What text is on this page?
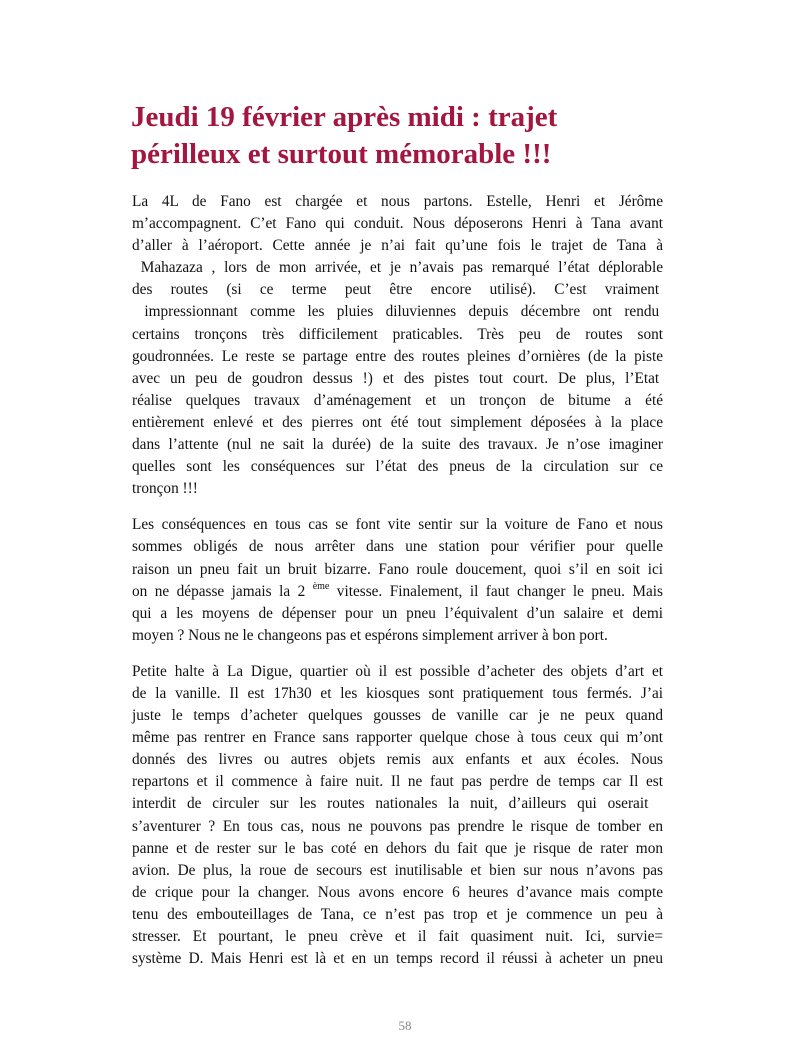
Jeudi 19 février après midi : trajet
périlleux et surtout mémorable !!!

La 4L de Fano est chargée et nous partons. Estelle, Henri et Jérôme
m’accompagnent. C’et Fano qui conduit. Nous déposerons Henri à Tana avant
d’aller à l’aéroport. Cette année je n’ai fait qu’une fois le trajet de Tana à
Mahazaza , lors de mon arrivée, et je n’avais pas remarqué l’état déplorable
des routes (si ce terme peut être encore utilisé). C’est vraiment
impressionnant comme les pluies diluviennes depuis décembre ont rendu
certains tronçons très difficilement praticables. Très peu de routes sont
goudronnées. Le reste se partage entre des routes pleines d’ornières (de la piste
avec un peu de goudron dessus !) et des pistes tout court. De plus, l’Etat
réalise quelques travaux d’aménagement et un tronçon de bitume a été
entièrement enlevé et des pierres ont été tout simplement déposées à la place
dans l’attente (nul ne sait la durée) de la suite des travaux. Je n’ose imaginer
quelles sont les conséquences sur l’état des pneus de la circulation sur ce
tronçon !!!

Les conséquences en tous cas se font vite sentir sur la voiture de Fano et nous
sommes obligés de nous arrêter dans une station pour vérifier pour quelle
raison un pneu fait un bruit bizarre. Fano roule doucement, quoi s’il en soit ici
on ne dépasse jamais la 2 $^{ème}$ vitesse. Finalement, il faut changer le pneu. Mais
qui a les moyens de dépenser pour un pneu l’équivalent d’un salaire et demi
moyen ? Nous ne le changeons pas et espérons simplement arriver à bon port.

Petite halte à La Digue, quartier où il est possible d’acheter des objets d’art et
de la vanille. Il est 17h30 et les kiosques sont pratiquement tous fermés. J’ai
juste le temps d’acheter quelques gousses de vanille car je ne peux quand
même pas rentrer en France sans rapporter quelque chose à tous ceux qui m’ont
donnés des livres ou autres objets remis aux enfants et aux écoles. Nous
repartons et il commence à faire nuit. Il ne faut pas perdre de temps car Il est
interdit de circuler sur les routes nationales la nuit, d’ailleurs qui oserait
s’aventurer ? En tous cas, nous ne pouvons pas prendre le risque de tomber en
panne et de rester sur le bas coté en dehors du fait que je risque de rater mon
avion. De plus, la roue de secours est inutilisable et bien sur nous n’avons pas
de crique pour la changer. Nous avons encore 6 heures d’avance mais compte
tenu des embouteillages de Tana, ce n’est pas trop et je commence un peu à
stresser. Et pourtant, le pneu crève et il fait quasiment nuit. Ici, survie=
système D. Mais Henri est là et en un temps record il réussi à acheter un pneu

58
